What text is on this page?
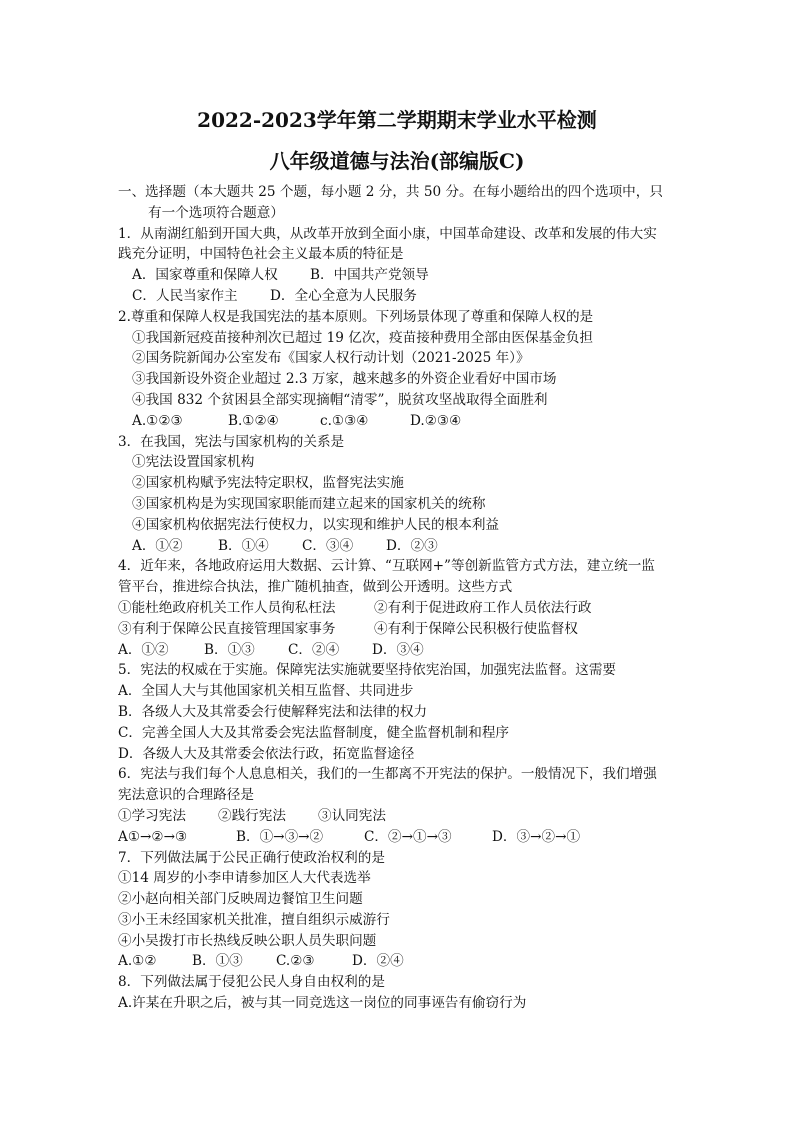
2022-2023学年第二学期期末学业水平检测
八年级道德与法治(部编版C)
一、选择题（本大题共 25 个题，每小题 2 分，共 50 分。在每小题给出的四个选项中，只
有一个选项符合题意）
1．从南湖红船到开国大典，从改革开放到全面小康，中国革命建设、改革和发展的伟大实
践充分证明，中国特色社会主义最本质的特征是
A．国家尊重和保障人权 B．中国共产党领导
C．人民当家作主 D．全心全意为人民服务
2.尊重和保障人权是我国宪法的基本原则。下列场景体现了尊重和保障人权的是
①我国新冠疫苗接种剂次已超过 19 亿次，疫苗接种费用全部由医保基金负担
②国务院新闻办公室发布《国家人权行动计划（2021-2025 年）》
③我国新设外资企业超过 2.3 万家，越来越多的外资企业看好中国市场
④我国 832 个贫困县全部实现摘帽“清零”，脱贫攻坚战取得全面胜利
A.①②③	B.①②④	c.①③④	D.②③④
3．在我国，宪法与国家机构的关系是
①宪法设置国家机构
②国家机构赋予宪法特定职权，监督宪法实施
③国家机构是为实现国家职能而建立起来的国家机关的统称
④国家机构依据宪法行使权力，以实现和维护人民的根本利益
A．①②	B．①④ C．③④ D．②③
4．近年来，各地政府运用大数据、云计算、“互联网+”等创新监管方式方法，建立统一监
管平台，推进综合执法，推广随机抽查，做到公开透明。这些方式
①能杜绝政府机关工作人员徇私枉法	②有利于促进政府工作人员依法行政
③有利于保障公民直接管理国家事务	④有利于保障公民积极行使监督权
A．①②	B．①③ C．②④ D．③④
5．宪法的权威在于实施。保障宪法实施就要坚持依宪治国，加强宪法监督。这需要
A．全国人大与其他国家机关相互监督、共同进步
B．各级人大及其常委会行使解释宪法和法律的权力
C．完善全国人大及其常委会宪法监督制度，健全监督机制和程序
D．各级人大及其常委会依法行政，拓宽监督途径
6．宪法与我们每个人息息相关，我们的一生都离不开宪法的保护。一般情况下，我们增强
宪法意识的合理路径是
①学习宪法 ②践行宪法 ③认同宪法
A①→②→③	B．①→③→②	C．②→①→③	D．③→②→①
7．下列做法属于公民正确行使政治权利的是
①14 周岁的小李申请参加区人大代表选举
②小赵向相关部门反映周边餐馆卫生问题
③小王未经国家机关批准，擅自组织示威游行
④小吴拨打市长热线反映公职人员失职问题
A.①②	B．①③ C.②③	D．②④
8．下列做法属于侵犯公民人身自由权利的是
A.许某在升职之后，被与其一同竞选这一岗位的同事诬告有偷窃行为
